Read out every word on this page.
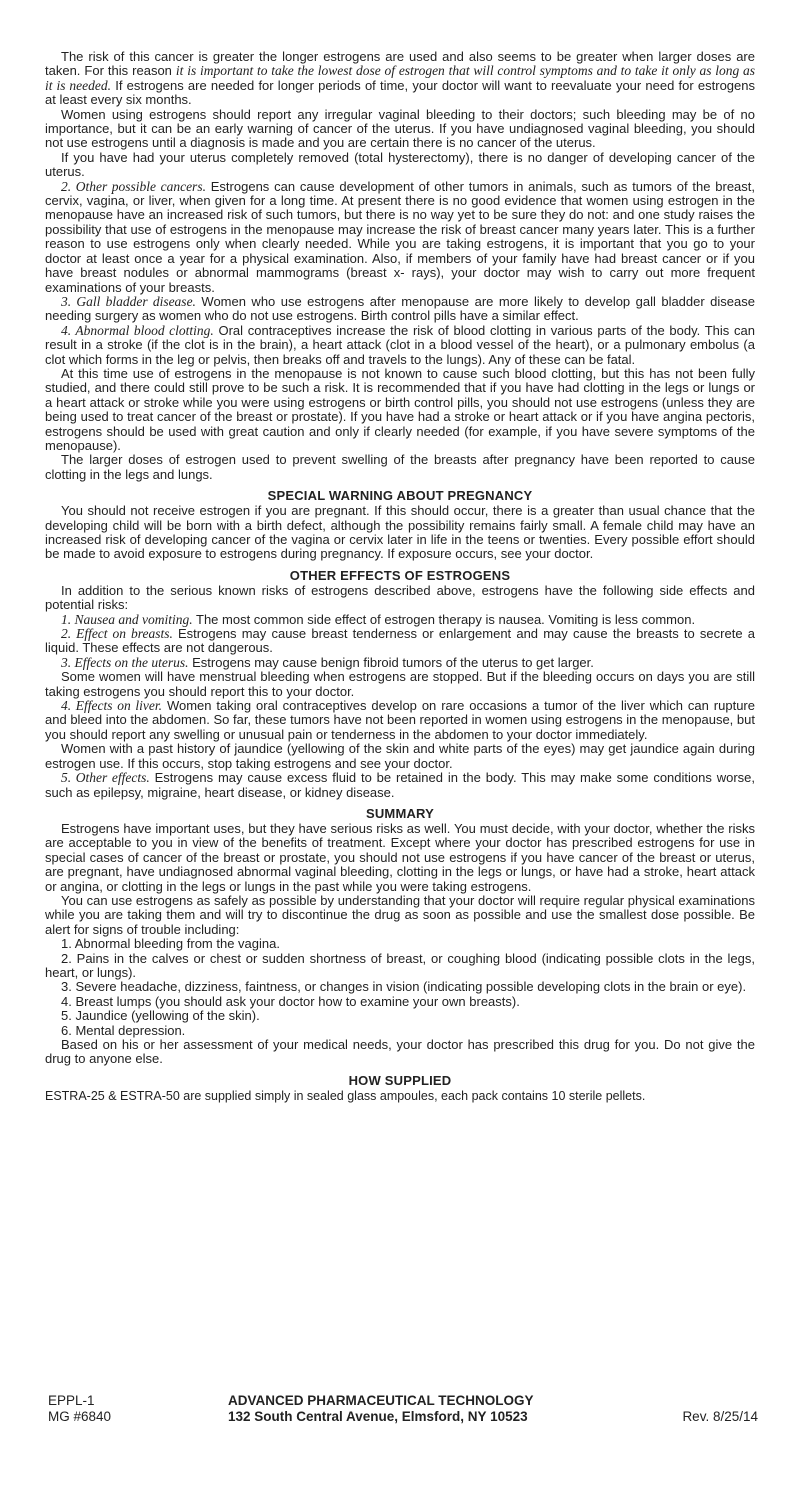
The risk of this cancer is greater the longer estrogens are used and also seems to be greater when larger doses are taken. For this reason it is important to take the lowest dose of estrogen that will control symptoms and to take it only as long as it is needed. If estrogens are needed for longer periods of time, your doctor will want to reevaluate your need for estrogens at least every six months.

Women using estrogens should report any irregular vaginal bleeding to their doctors; such bleeding may be of no importance, but it can be an early warning of cancer of the uterus. If you have undiagnosed vaginal bleeding, you should not use estrogens until a diagnosis is made and you are certain there is no cancer of the uterus.

If you have had your uterus completely removed (total hysterectomy), there is no danger of developing cancer of the uterus.

2. Other possible cancers. Estrogens can cause development of other tumors in animals, such as tumors of the breast, cervix, vagina, or liver, when given for a long time. At present there is no good evidence that women using estrogen in the menopause have an increased risk of such tumors, but there is no way yet to be sure they do not: and one study raises the possibility that use of estrogens in the menopause may increase the risk of breast cancer many years later. This is a further reason to use estrogens only when clearly needed. While you are taking estrogens, it is important that you go to your doctor at least once a year for a physical examination. Also, if members of your family have had breast cancer or if you have breast nodules or abnormal mammograms (breast x- rays), your doctor may wish to carry out more frequent examinations of your breasts.

3. Gall bladder disease. Women who use estrogens after menopause are more likely to develop gall bladder disease needing surgery as women who do not use estrogens. Birth control pills have a similar effect.

4. Abnormal blood clotting. Oral contraceptives increase the risk of blood clotting in various parts of the body. This can result in a stroke (if the clot is in the brain), a heart attack (clot in a blood vessel of the heart), or a pulmonary embolus (a clot which forms in the leg or pelvis, then breaks off and travels to the lungs). Any of these can be fatal.

At this time use of estrogens in the menopause is not known to cause such blood clotting, but this has not been fully studied, and there could still prove to be such a risk. It is recommended that if you have had clotting in the legs or lungs or a heart attack or stroke while you were using estrogens or birth control pills, you should not use estrogens (unless they are being used to treat cancer of the breast or prostate). If you have had a stroke or heart attack or if you have angina pectoris, estrogens should be used with great caution and only if clearly needed (for example, if you have severe symptoms of the menopause).

The larger doses of estrogen used to prevent swelling of the breasts after pregnancy have been reported to cause clotting in the legs and lungs.

SPECIAL WARNING ABOUT PREGNANCY

You should not receive estrogen if you are pregnant. If this should occur, there is a greater than usual chance that the developing child will be born with a birth defect, although the possibility remains fairly small. A female child may have an increased risk of developing cancer of the vagina or cervix later in life in the teens or twenties. Every possible effort should be made to avoid exposure to estrogens during pregnancy. If exposure occurs, see your doctor.

OTHER EFFECTS OF ESTROGENS

In addition to the serious known risks of estrogens described above, estrogens have the following side effects and potential risks:

1. Nausea and vomiting. The most common side effect of estrogen therapy is nausea. Vomiting is less common.

2. Effect on breasts. Estrogens may cause breast tenderness or enlargement and may cause the breasts to secrete a liquid. These effects are not dangerous.

3. Effects on the uterus. Estrogens may cause benign fibroid tumors of the uterus to get larger.

Some women will have menstrual bleeding when estrogens are stopped. But if the bleeding occurs on days you are still taking estrogens you should report this to your doctor.

4. Effects on liver. Women taking oral contraceptives develop on rare occasions a tumor of the liver which can rupture and bleed into the abdomen. So far, these tumors have not been reported in women using estrogens in the menopause, but you should report any swelling or unusual pain or tenderness in the abdomen to your doctor immediately.

Women with a past history of jaundice (yellowing of the skin and white parts of the eyes) may get jaundice again during estrogen use. If this occurs, stop taking estrogens and see your doctor.

5. Other effects. Estrogens may cause excess fluid to be retained in the body. This may make some conditions worse, such as epilepsy, migraine, heart disease, or kidney disease.

SUMMARY

Estrogens have important uses, but they have serious risks as well. You must decide, with your doctor, whether the risks are acceptable to you in view of the benefits of treatment. Except where your doctor has prescribed estrogens for use in special cases of cancer of the breast or prostate, you should not use estrogens if you have cancer of the breast or uterus, are pregnant, have undiagnosed abnormal vaginal bleeding, clotting in the legs or lungs, or have had a stroke, heart attack or angina, or clotting in the legs or lungs in the past while you were taking estrogens.

You can use estrogens as safely as possible by understanding that your doctor will require regular physical examinations while you are taking them and will try to discontinue the drug as soon as possible and use the smallest dose possible. Be alert for signs of trouble including:

1. Abnormal bleeding from the vagina.

2. Pains in the calves or chest or sudden shortness of breast, or coughing blood (indicating possible clots in the legs, heart, or lungs).

3. Severe headache, dizziness, faintness, or changes in vision (indicating possible developing clots in the brain or eye).

4. Breast lumps (you should ask your doctor how to examine your own breasts).

5. Jaundice (yellowing of the skin).

6. Mental depression.

Based on his or her assessment of your medical needs, your doctor has prescribed this drug for you. Do not give the drug to anyone else.

HOW SUPPLIED

ESTRA-25 & ESTRA-50 are supplied simply in sealed glass ampoules, each pack contains 10 sterile pellets.

EPPL-1
MG #6840
ADVANCED PHARMACEUTICAL TECHNOLOGY
132 South Central Avenue, Elmsford, NY 10523	Rev. 8/25/14
